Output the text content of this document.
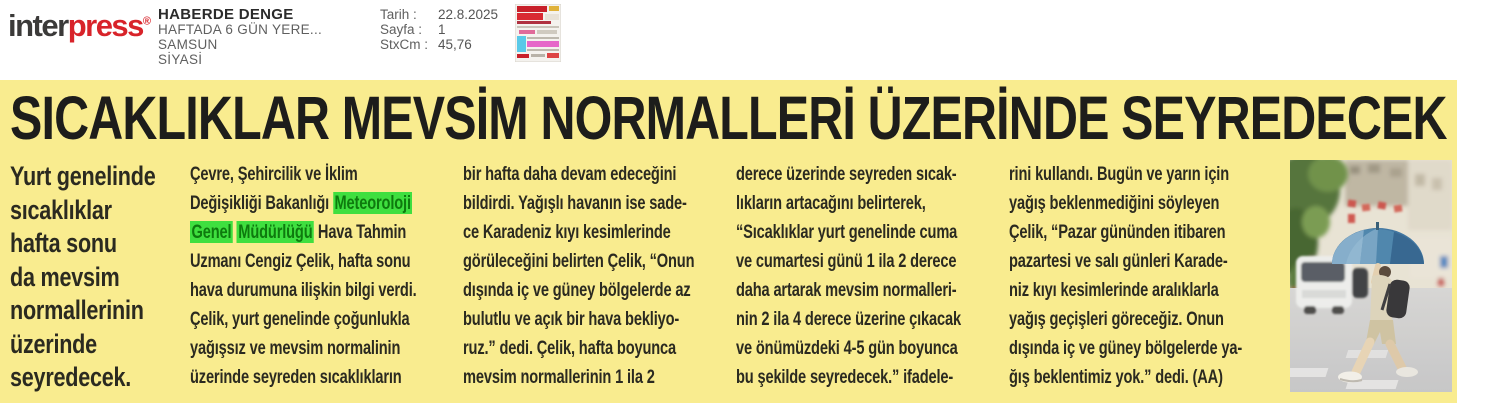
interpress® HABERDE DENGE
HAFTADA 6 GÜN YERE...
SAMSUN
SİYASİ
Tarih :	22.8.2025
Sayfa :	1
StxCm : 45,76
SICAKLIKLAR MEVSİM NORMALLERİ ÜZERİNDE SEYREDECEK
Yurt genelinde
sıcaklıklar
hafta sonu
da mevsim
normallerinin
üzerinde
seyredecek.
Çevre, Şehircilik ve İklim
Değişikliği Bakanlığı Meteoroloji
Genel Müdürlüğü Hava Tahmin
Uzmanı Cengiz Çelik, hafta sonu
hava durumuna ilişkin bilgi verdi.
Çelik, yurt genelinde çoğunlukla
yağışsız ve mevsim normalinin
üzerinde seyreden sıcaklıkların
bir hafta daha devam edeceğini
bildirdi. Yağışlı havanın ise sade-
ce Karadeniz kıyı kesimlerinde
görüleceğini belirten Çelik, “Onun
dışında iç ve güney bölgelerde az
bulutlu ve açık bir hava bekliyo-
ruz.” dedi. Çelik, hafta boyunca
mevsim normallerinin 1 ila 2
derece üzerinde seyreden sıcak-
lıkların artacağını belirterek,
“Sıcaklıklar yurt genelinde cuma
ve cumartesi günü 1 ila 2 derece
daha artarak mevsim normalleri-
nin 2 ila 4 derece üzerine çıkacak
ve önümüzdeki 4-5 gün boyunca
bu şekilde seyredecek.” ifadele-
rini kullandı. Bugün ve yarın için
yağış beklenmediğini söyleyen
Çelik, “Pazar gününden itibaren
pazartesi ve salı günleri Karade-
niz kıyı kesimlerinde aralıklarla
yağış geçişleri göreceğiz. Onun
dışında iç ve güney bölgelerde ya-
ğış beklentimiz yok.” dedi. (AA)
